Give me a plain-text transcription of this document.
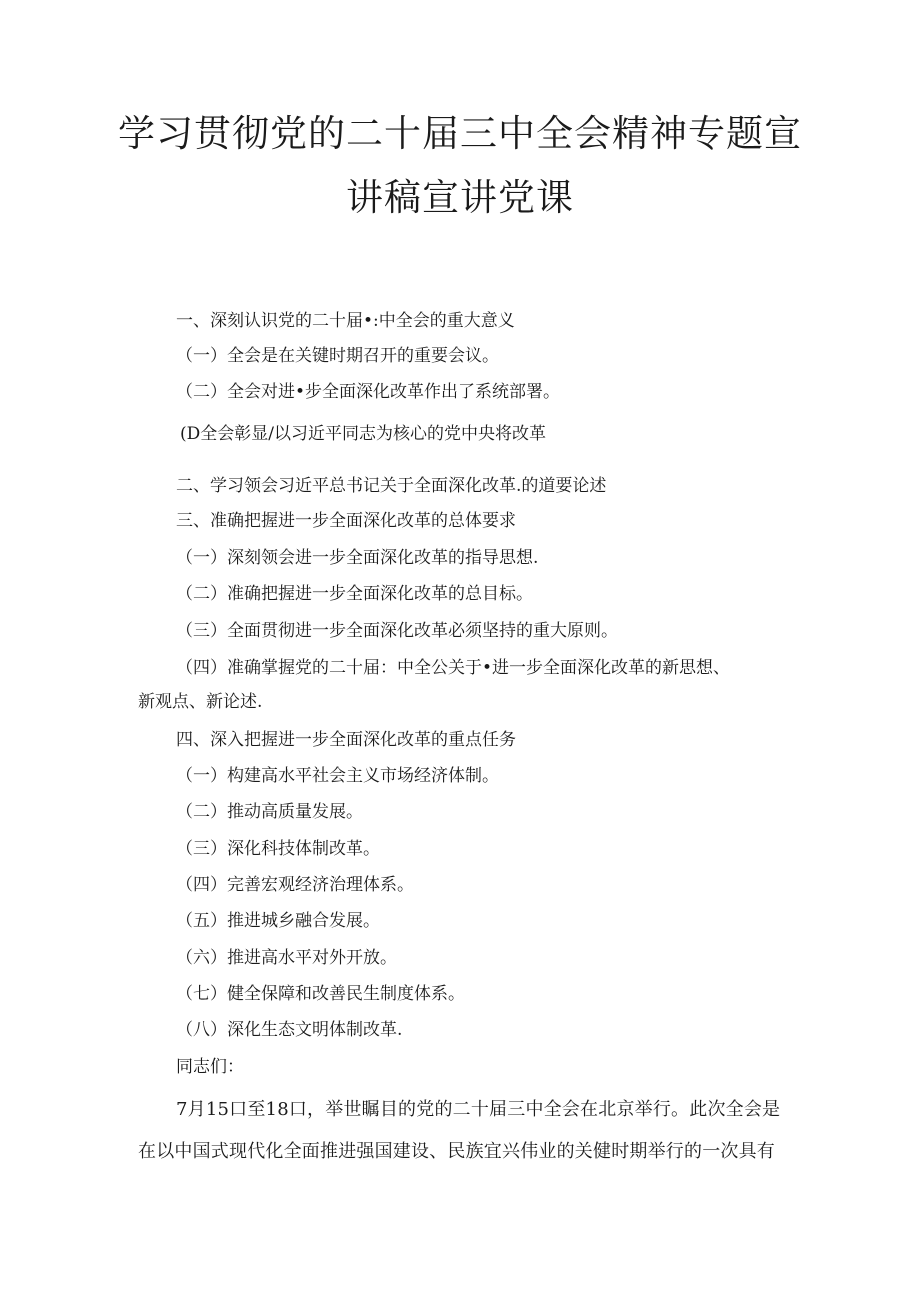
学习贯彻党的二十届三中全会精神专题宣
讲稿宣讲党课

一、深刻认识党的二十届•:中全会的重大意义

（一）全会是在关键时期召开的重要会议。

（二）全会对进•步全面深化改革作出了系统部署。

(D全会彰显/以习近平同志为核心的党中央将改革

二、学习领会习近平总书记关于全面深化改革.的道要论述

三、准确把握进一步全面深化改革的总体要求

（一）深刻领会进一步全面深化改革的指导思想.

（二）准确把握进一步全面深化改革的总目标。

（三）全面贯彻进一步全面深化改革必须坚持的重大原则。

（四）准确掌握党的二十届：中全公关于•进一步全面深化改革的新思想、

新观点、新论述.

四、深入把握进一步全面深化改革的重点任务

（一）构建高水平社会主义市场经济体制。

（二）推动高质量发展。

（三）深化科技体制改革。

（四）完善宏观经济治理体系。

（五）推进城乡融合发展。

（六）推进高水平对外开放。

（七）健全保障和改善民生制度体系。

（八）深化生态文明体制改革.

同志们：

7月15口至18口，举世瞩目的党的二十届三中全会在北京举行。此次全会是

在以中国式现代化全面推进强国建设、民族宜兴伟业的关健时期举行的一次具有
